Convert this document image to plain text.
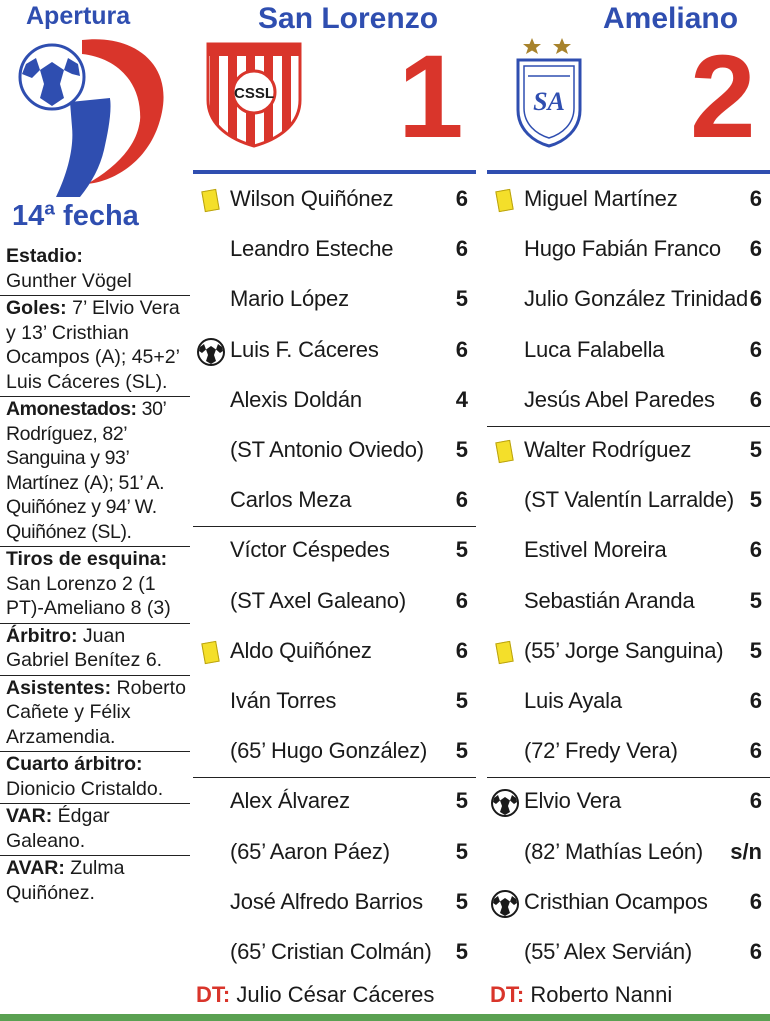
Apertura
14ª fecha
Estadio:
Gunther Vögel
Goles: 7’ Elvio Vera y 13’ Cristhian Ocampos (A); 45+2’ Luis Cáceres (SL).
Amonestados: 30’ Rodríguez, 82’ Sanguina y 93’ Martínez (A); 51’ A. Quiñónez y 94’ W. Quiñónez (SL).
Tiros de esquina: San Lorenzo 2 (1 PT)-Ameliano 8 (3)
Árbitro: Juan Gabriel Benítez 6.
Asistentes: Roberto Cañete y Félix Arzamendia.
Cuarto árbitro: Dionicio Cristaldo.
VAR: Édgar Galeano.
AVAR: Zulma Quiñónez.
San Lorenzo
CSSL 1
Ameliano
SA 2
Wilson Quiñónez	6
Leandro Esteche	6
Mario López	5
Luis F. Cáceres	6
Alexis Doldán	4
(ST Antonio Oviedo) 5
Carlos Meza	6
Víctor Céspedes	5
(ST Axel Galeano) 6
Aldo Quiñónez	6
Iván Torres	5
(65’ Hugo González) 5
Alex Álvarez	5
(65’ Aaron Páez)	5
José Alfredo Barrios 5
(65’ Cristian Colmán) 5
Miguel Martínez	6
Hugo Fabián Franco 6
Julio González Trinidad 6
Luca Falabella	6
Jesús Abel Paredes 6
Walter Rodríguez	5
(ST Valentín Larralde) 5
Estivel Moreira	6
Sebastián Aranda	5
(55’ Jorge Sanguina) 5
Luis Ayala	6
(72’ Fredy Vera)	6
Elvio Vera	6
(82’ Mathías León) s/n
Cristhian Ocampos 6
(55’ Alex Servián)	6
DT: Julio César Cáceres	DT: Roberto Nanni
